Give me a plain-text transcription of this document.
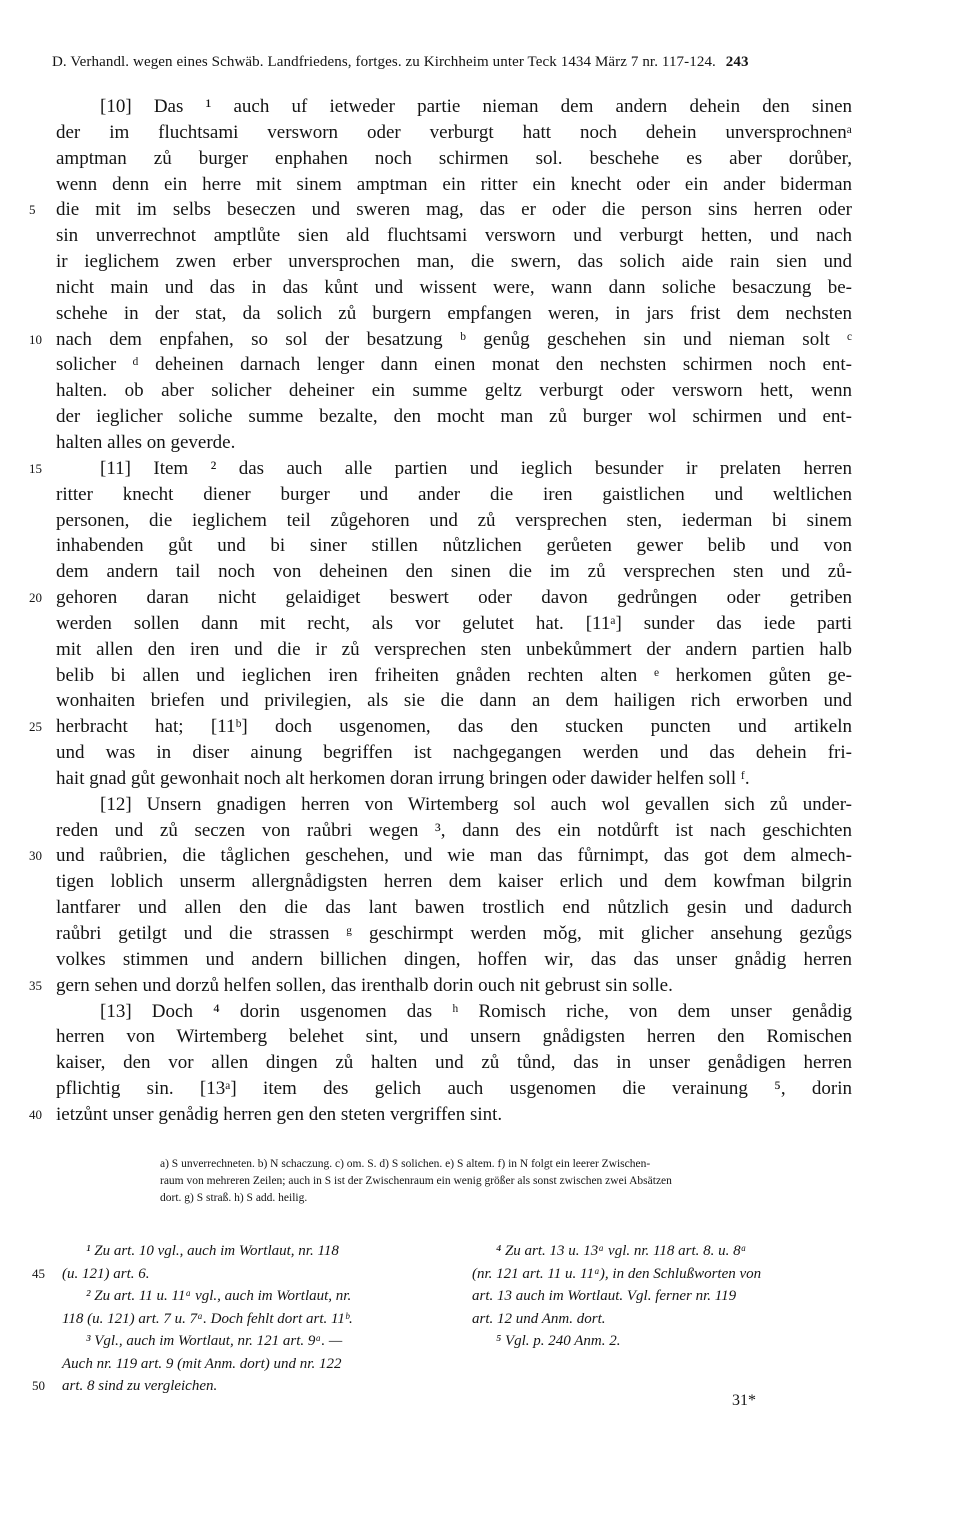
D. Verhandl. wegen eines Schwäb. Landfriedens, fortges. zu Kirchheim unter Teck 1434 März 7 nr. 117-124. 243
[10] Das ¹ auch uf ietweder partie nieman dem andern dehein den sinen
der im fluchtsami versworn oder verburgt hatt noch dehein unversprochnenᵃ
amptman zů burger enphahen noch schirmen sol. beschehe es aber dorůber,
wenn denn ein herre mit sinem amptman ein ritter ein knecht oder ein ander biderman
die mit im selbs beseczen und sweren mag, das er oder die person sins herren oder
5
sin unverrechnot amptlůte sien ald fluchtsami versworn und verburgt hetten, und nach
ir ieglichem zwen erber unversprochen man, die swern, das solich aide rain sien und
nicht main und das in das kůnt und wissent were, wann dann soliche besaczung be-
schehe in der stat, da solich zů burgern empfangen weren, in jars frist dem nechsten
nach dem enpfahen, so sol der besatzung ᵇ genůg geschehen sin und nieman solt ᶜ
10
solicher ᵈ deheinen darnach lenger dann einen monat den nechsten schirmen noch ent-
halten. ob aber solicher deheiner ein summe geltz verburgt oder versworn hett, wenn
der ieglicher soliche summe bezalte, den mocht man zů burger wol schirmen und ent-
halten alles on geverde.
[11] Item ² das auch alle partien und ieglich besunder ir prelaten herren
15
ritter knecht diener burger und ander die iren gaistlichen und weltlichen
personen, die ieglichem teil zůgehoren und zů versprechen sten, iederman bi sinem
inhabenden gůt und bi siner stillen nůtzlichen gerůeten gewer belib und von
dem andern tail noch von deheinen den sinen die im zů versprechen sten und zů-
gehoren daran nicht gelaidiget beswert oder davon gedrůngen oder getriben
20
werden sollen dann mit recht, als vor gelutet hat. [11ᵃ] sunder das iede parti
mit allen den iren und die ir zů versprechen sten unbekůmmert der andern partien halb
belib bi allen und ieglichen iren friheiten gnåden rechten alten ᵉ herkomen gůten ge-
wonhaiten briefen und privilegien, als sie die dann an dem hailigen rich erworben und
herbracht hat; [11ᵇ] doch usgenomen, das den stucken puncten und artikeln
25
und was in diser ainung begriffen ist nachgegangen werden und das dehein fri-
hait gnad gůt gewonhait noch alt herkomen doran irrung bringen oder dawider helfen soll ᶠ.
[12] Unsern gnadigen herren von Wirtemberg sol auch wol gevallen sich zů under-
reden und zů seczen von raůbri wegen ³, dann des ein notdůrft ist nach geschichten
und raůbrien, die tåglichen geschehen, und wie man das fůrnimpt, das got dem almech-
30
tigen loblich unserm allergnådigsten herren dem kaiser erlich und dem kowfman bilgrin
lantfarer und allen den die das lant bawen trostlich end nůtzlich gesin und dadurch
raůbri getilgt und die strassen ᵍ geschirmpt werden mǒg, mit glicher ansehung gezůgs
volkes stimmen und andern billichen dingen, hoffen wir, das das unser gnådig herren
gern sehen und dorzů helfen sollen, das irenthalb dorin ouch nit gebrust sin solle.
35
[13] Doch ⁴ dorin usgenomen das ʰ Romisch riche, von dem unser genådig
herren von Wirtemberg belehet sint, und unsern gnådigsten herren den Romischen
kaiser, den vor allen dingen zů halten und zů tůnd, das in unser genådigen herren
pflichtig sin. [13ᵃ] item des gelich auch usgenomen die verainung ⁵, dorin
ietzůnt unser genådig herren gen den steten vergriffen sint.
40
a) S unverrechneten. b) N schaczung. c) om. S. d) S solichen. e) S altem. f) in N folgt ein leerer Zwischen-
raum von mehreren Zeilen; auch in S ist der Zwischenraum ein wenig größer als sonst zwischen zwei Absätzen
dort. g) S straß. h) S add. heilig.
¹ Zu art. 10 vgl., auch im Wortlaut, nr. 118
(u. 121) art. 6.
45
² Zu art. 11 u. 11ᵃ vgl., auch im Wortlaut, nr.
118 (u. 121) art. 7 u. 7ᵃ. Doch fehlt dort art. 11ᵇ.
³ Vgl., auch im Wortlaut, nr. 121 art. 9ᵃ. —
Auch nr. 119 art. 9 (mit Anm. dort) und nr. 122
art. 8 sind zu vergleichen.
50
⁴ Zu art. 13 u. 13ᵃ vgl. nr. 118 art. 8. u. 8ᵃ
(nr. 121 art. 11 u. 11ᵃ), in den Schlußworten von
art. 13 auch im Wortlaut. Vgl. ferner nr. 119
art. 12 und Anm. dort.
⁵ Vgl. p. 240 Anm. 2.
31*
